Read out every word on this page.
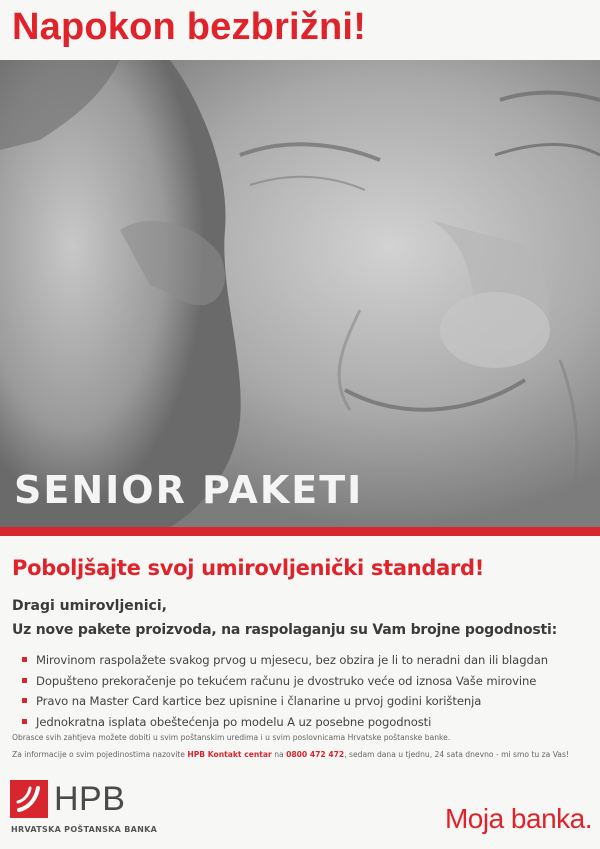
Napokon bezbrižni!
SENIOR PAKETI
Poboljšajte svoj umirovljenički standard!

Dragi umirovljenici,

Uz nove pakete proizvoda, na raspolaganju su Vam brojne pogodnosti:

Mirovinom raspolažete svakog prvog u mjesecu, bez obzira je li to neradni dan ili blagdan
Dopušteno prekoračenje po tekućem računu je dvostruko veće od iznosa Vaše mirovine
Pravo na Master Card kartice bez upisnine i članarine u prvoj godini korištenja
Jednokratna isplata obeštećenja po modelu A uz posebne pogodnosti

Obrasce svih zahtjeva možete dobiti u svim poštanskim uredima i u svim poslovnicama Hrvatske poštanske banke.

Za informacije o svim pojedinostima nazovite HPB Kontakt centar na 0800 472 472, sedam dana u tjednu, 24 sata dnevno - mi smo tu za Vas!

HPB
HRVATSKA POŠTANSKA BANKA	Moja banka.
